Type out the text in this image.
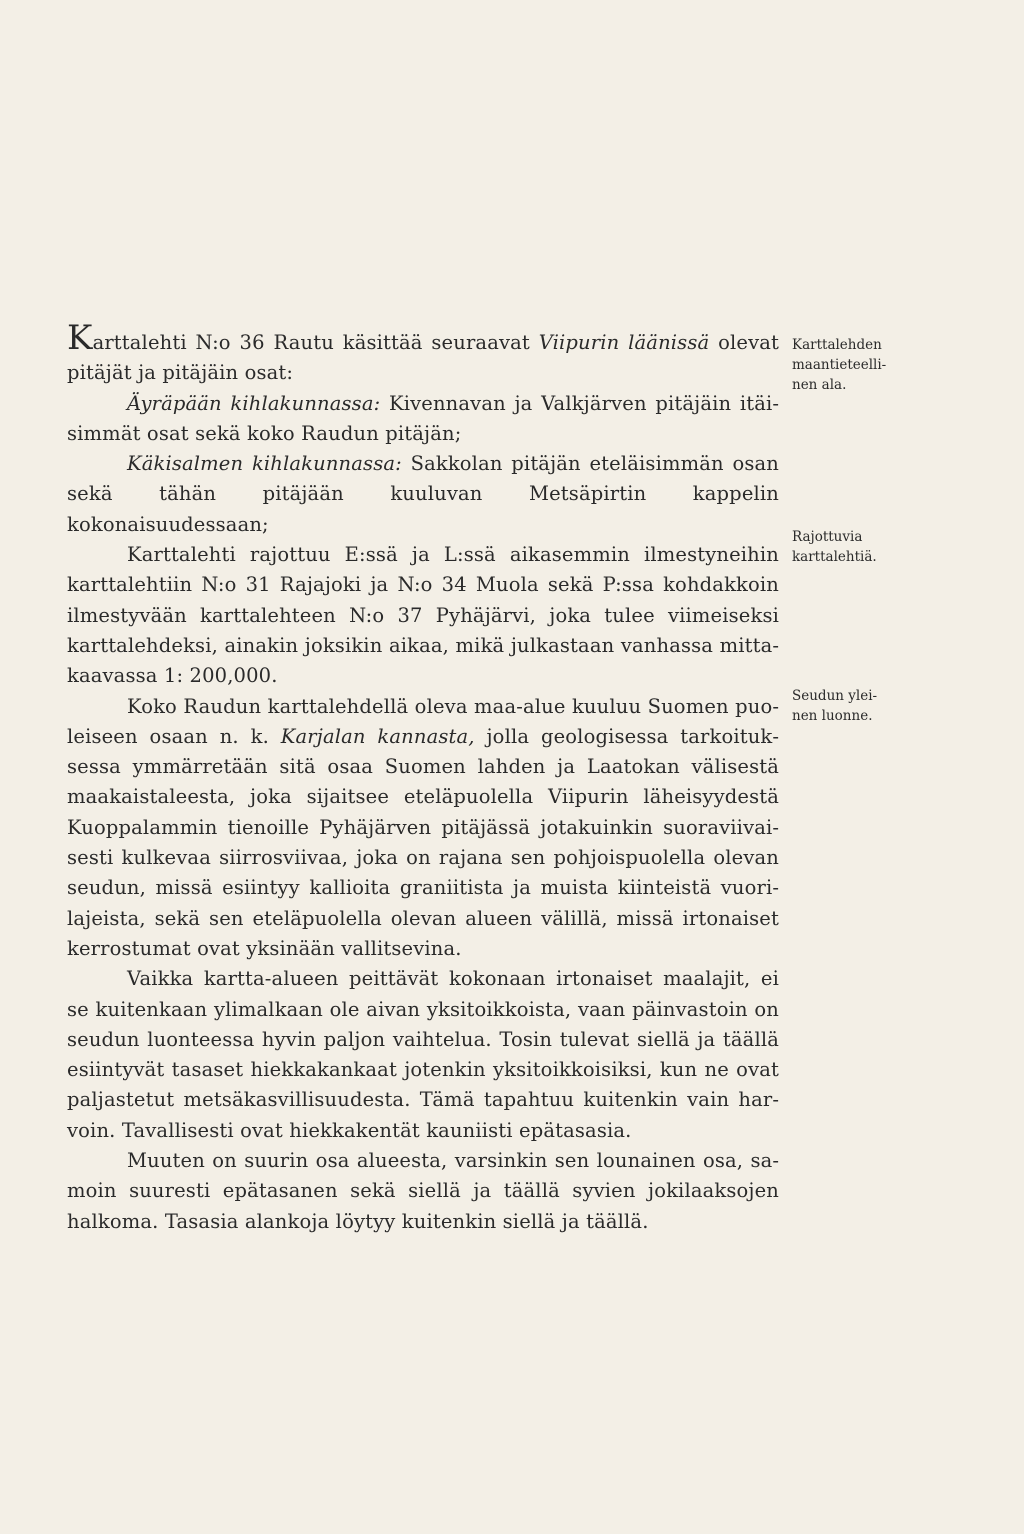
Karttalehti N:o 36 Rautu käsittää seuraavat Viipurin läänissä olevat pitäjät ja pitäjäin osat:

Äyräpään kihlakunnassa: Kivennavan ja Valkjärven pitäjäin itäisimmät osat sekä koko Raudun pitäjän;

Käkisalmen kihlakunnassa: Sakkolan pitäjän eteläisimmän osan sekä tähän pitäjään kuuluvan Metsäpirtin kappelin kokonaisuudessaan;

Karttalehti rajottuu E:ssä ja L:ssä aikasemmin ilmestyneihin karttalehtiin N:o 31 Rajajoki ja N:o 34 Muola sekä P:ssa kohdakkoin ilmestyvään karttalehteen N:o 37 Pyhäjärvi, joka tulee viimeiseksi karttalehdeksi, ainakin joksikin aikaa, mikä julkastaan vanhassa mittakaavassa 1: 200,000.

Koko Raudun karttalehdellä oleva maa-alue kuuluu Suomen puoleiseen osaan n. k. Karjalan kannasta, jolla geologisessa tarkoituksessa ymmärretään sitä osaa Suomen lahden ja Laatokan välisestä maakaistaleesta, joka sijaitsee eteläpuolella Viipurin läheisyydestä Kuoppalammin tienoille Pyhäjärven pitäjässä jotakuinkin suoraviivaisesti kulkevaa siirrosviivaa, joka on rajana sen pohjoispuolella olevan seudun, missä esiintyy kallioita graniitista ja muista kiinteistä vuorilajeista, sekä sen eteläpuolella olevan alueen välillä, missä irtonaiset kerrostumat ovat yksinään vallitsevina.

Vaikka kartta-alueen peittävät kokonaan irtonaiset maalajit, ei se kuitenkaan ylimalkaan ole aivan yksitoikkoista, vaan päinvastoin on seudun luonteessa hyvin paljon vaihtelua. Tosin tulevat siellä ja täällä esiintyvät tasaset hiekkakankaat jotenkin yksitoikkoisiksi, kun ne ovat paljastetut metsäkasvillisuudesta. Tämä tapahtuu kuitenkin vain harvoin. Tavallisesti ovat hiekkakentät kauniisti epätasasia.

Muuten on suurin osa alueesta, varsinkin sen lounainen osa, samoin suuresti epätasanen sekä siellä ja täällä syvien jokilaaksojen halkoma. Tasasia alankoja löytyy kuitenkin siellä ja täällä.

Karttalehden
maantieteelli-
nen ala.
Rajottuvia
karttalehtiä.
Seudun ylei-
nen luonne.
